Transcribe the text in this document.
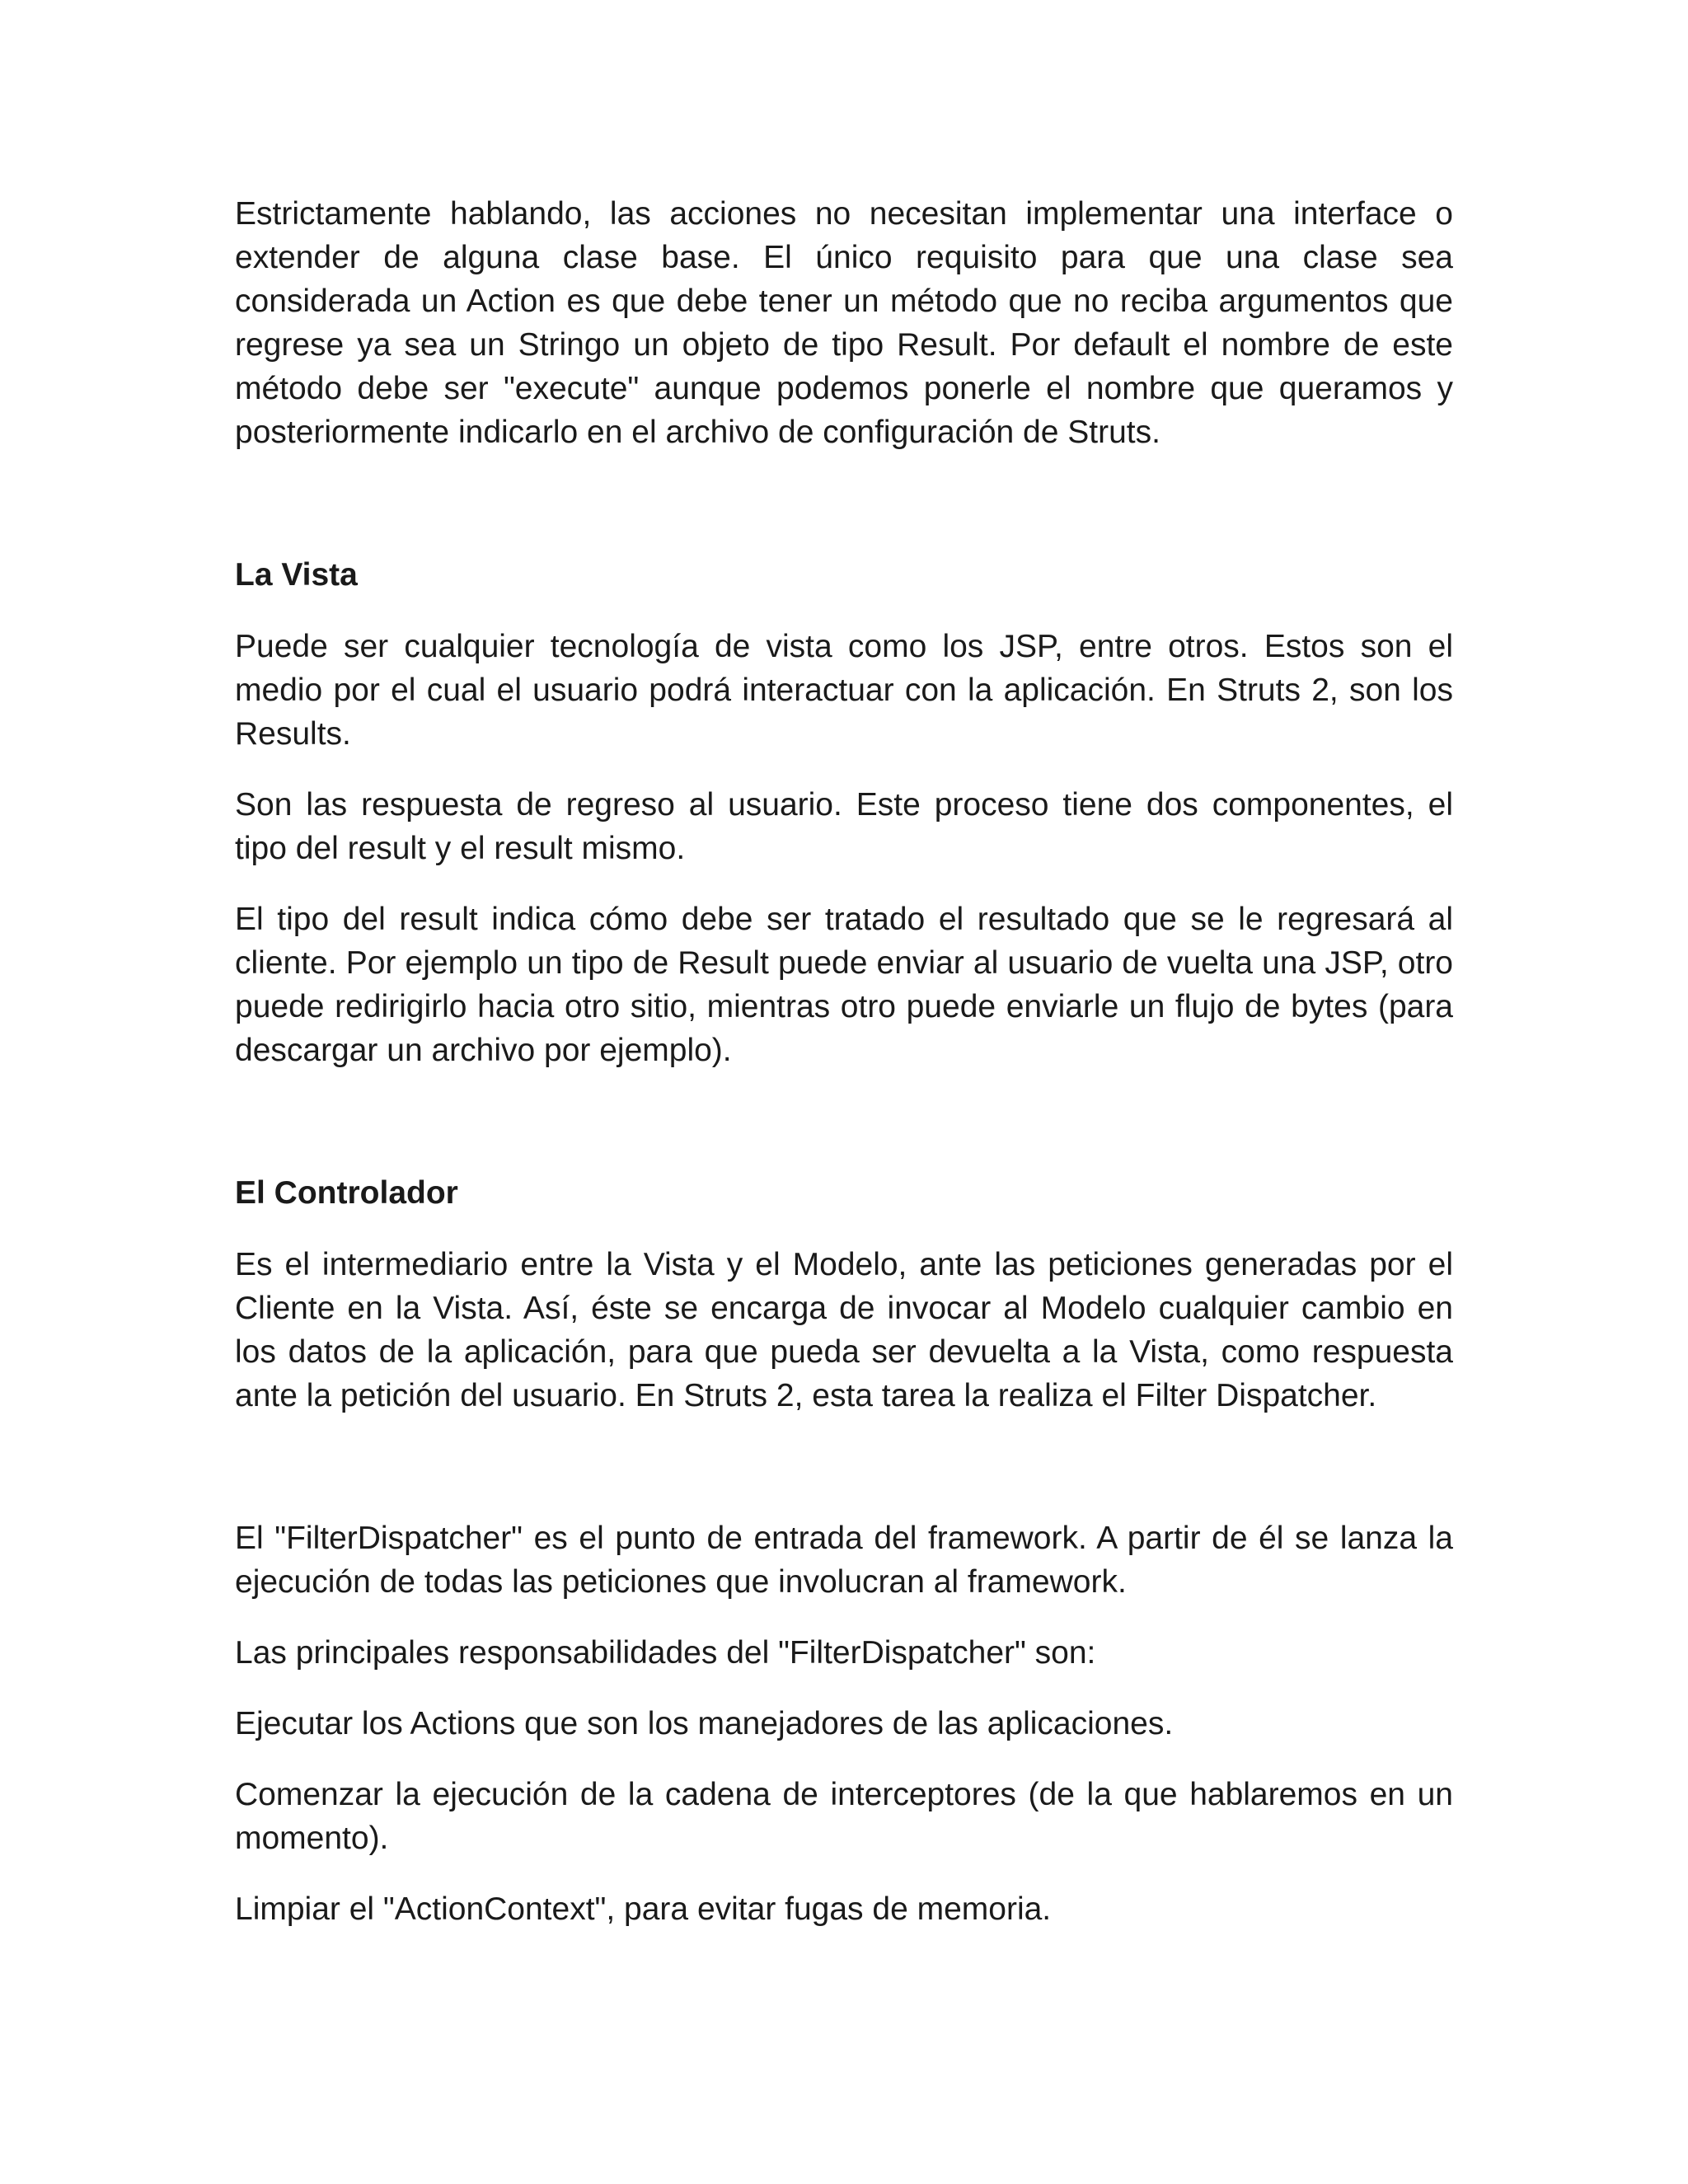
Estrictamente hablando, las acciones no necesitan implementar una interface o extender de alguna clase base. El único requisito para que una clase sea considerada un Action es que debe tener un método que no reciba argumentos que regrese ya sea un Stringo un objeto de tipo Result. Por default el nombre de este método debe ser "execute" aunque podemos ponerle el nombre que queramos y posteriormente indicarlo en el archivo de configuración de Struts.

La Vista

Puede ser cualquier tecnología de vista como los JSP, entre otros. Estos son el medio por el cual el usuario podrá interactuar con la aplicación. En Struts 2, son los Results.

Son las respuesta de regreso al usuario. Este proceso tiene dos componentes, el tipo del result y el result mismo.

El tipo del result indica cómo debe ser tratado el resultado que se le regresará al cliente. Por ejemplo un tipo de Result puede enviar al usuario de vuelta una JSP, otro puede redirigirlo hacia otro sitio, mientras otro puede enviarle un flujo de bytes (para descargar un archivo por ejemplo).

El Controlador

Es el intermediario entre la Vista y el Modelo, ante las peticiones generadas por el Cliente en la Vista. Así, éste se encarga de invocar al Modelo cualquier cambio en los datos de la aplicación, para que pueda ser devuelta a la Vista, como respuesta ante la petición del usuario. En Struts 2, esta tarea la realiza el Filter Dispatcher.

El "FilterDispatcher" es el punto de entrada del framework. A partir de él se lanza la ejecución de todas las peticiones que involucran al framework.

Las principales responsabilidades del "FilterDispatcher" son:

Ejecutar los Actions que son los manejadores de las aplicaciones.

Comenzar la ejecución de la cadena de interceptores (de la que hablaremos en un momento).

Limpiar el "ActionContext", para evitar fugas de memoria.
